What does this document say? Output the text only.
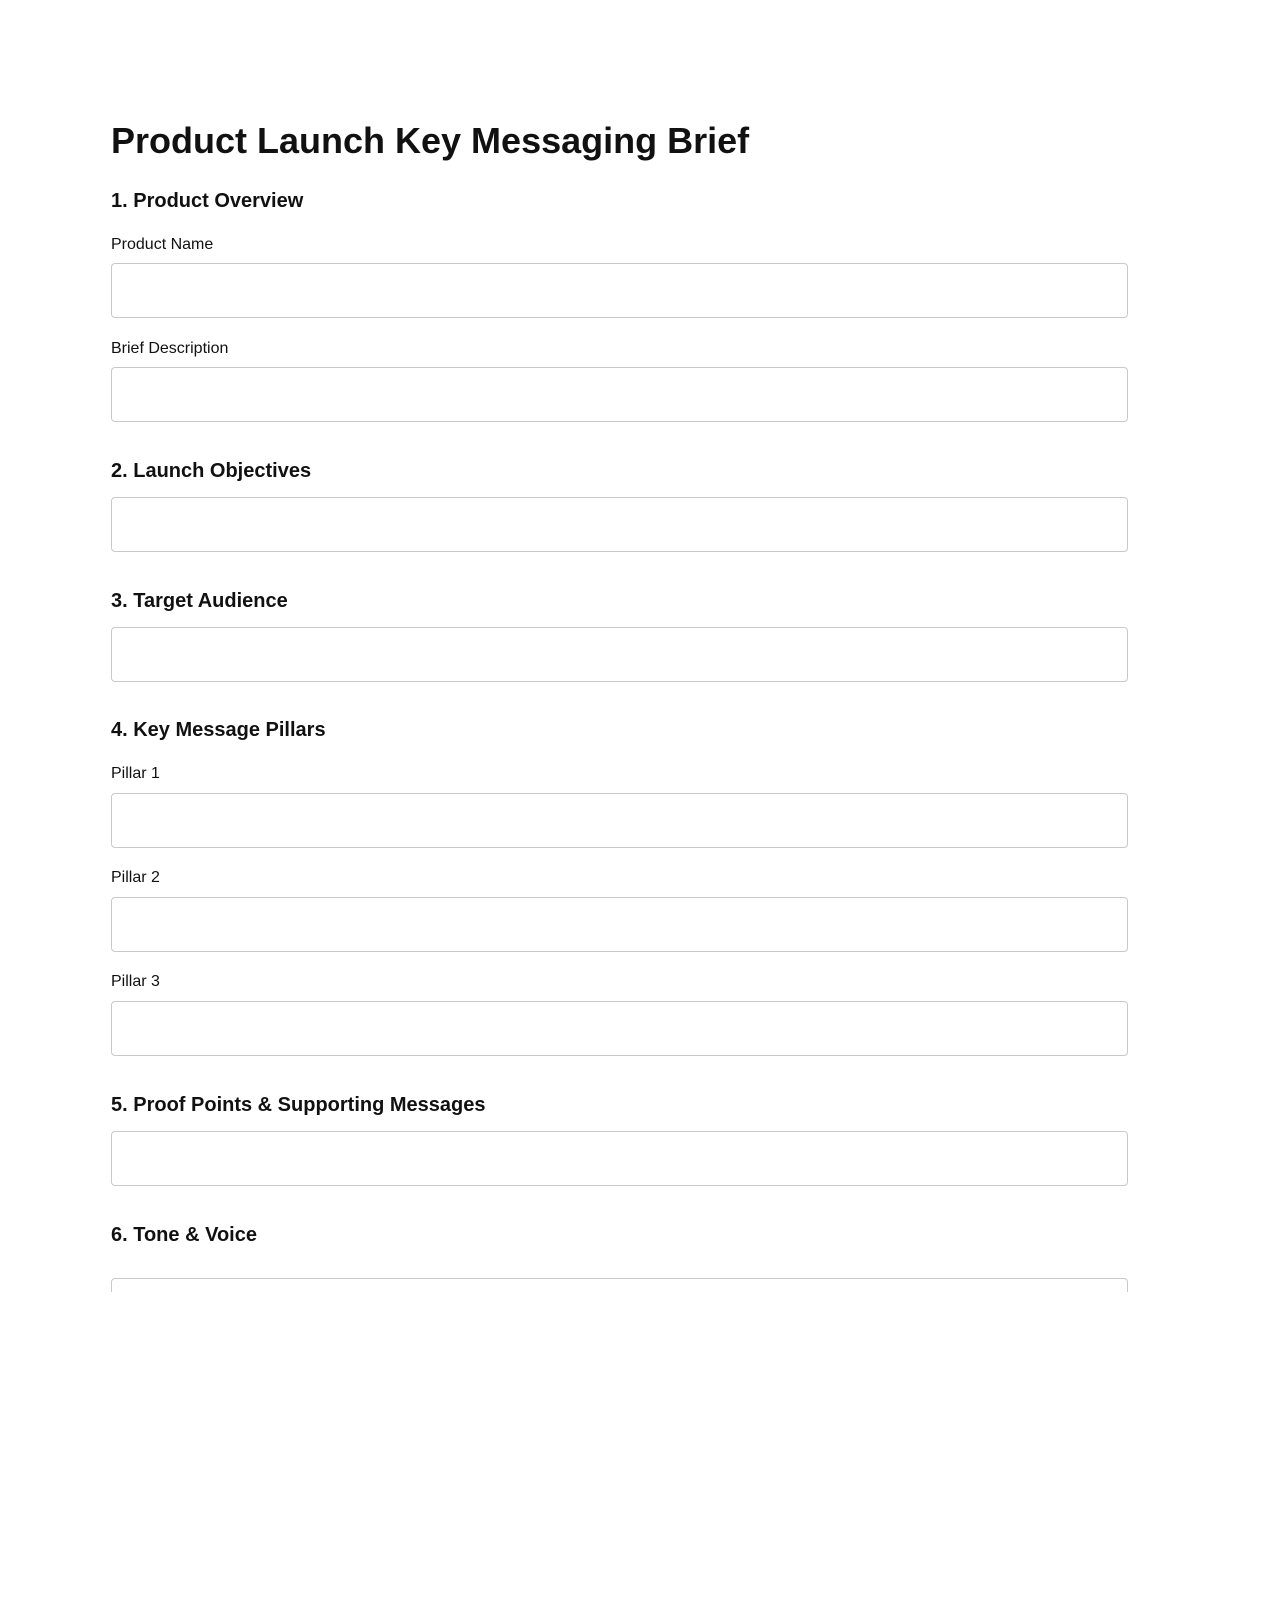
Product Launch Key Messaging Brief
1. Product Overview
Product Name
Brief Description
2. Launch Objectives
3. Target Audience
4. Key Message Pillars
Pillar 1
Pillar 2
Pillar 3
5. Proof Points & Supporting Messages
6. Tone & Voice
